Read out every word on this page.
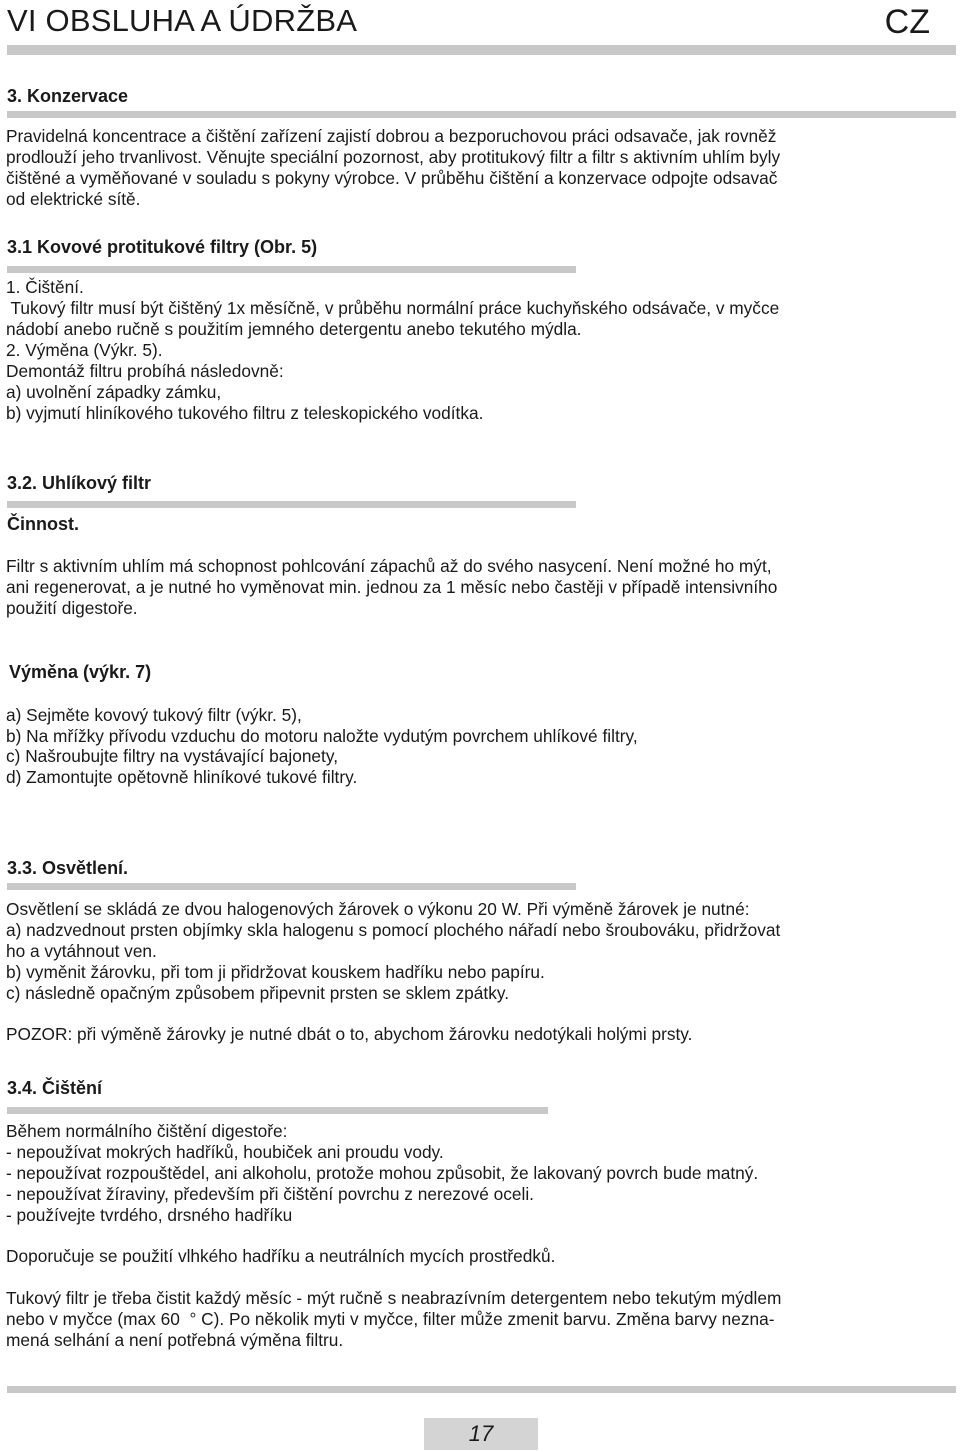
VI OBSLUHA A ÚDRŽBA	CZ
3. Konzervace
Pravidelná koncentrace a čištění zařízení zajistí dobrou a bezporuchovou práci odsavače, jak rovněž
prodlouží jeho trvanlivost. Věnujte speciální pozornost, aby protitukový filtr a filtr s aktivním uhlím byly
čištěné a vyměňované v souladu s pokyny výrobce. V průběhu čištění a konzervace odpojte odsavač
od elektrické sítě.
3.1 Kovové protitukové filtry (Obr. 5)
1. Čištění.
Tukový filtr musí být čištěný 1x měsíčně, v průběhu normální práce kuchyňského odsávače, v myčce
nádobí anebo ručně s použitím jemného detergentu anebo tekutého mýdla.
2. Výměna (Výkr. 5).
Demontáž filtru probíhá následovně:
a) uvolnění západky zámku,
b) vyjmutí hliníkového tukového filtru z teleskopického vodítka.
3.2. Uhlíkový filtr
Činnost.
Filtr s aktivním uhlím má schopnost pohlcování zápachů až do svého nasycení. Není možné ho mýt,
ani regenerovat, a je nutné ho vyměnovat min. jednou za 1 měsíc nebo častěji v případě intensivního
použití digestoře.
Výměna (výkr. 7)
a) Sejměte kovový tukový filtr (výkr. 5),
b) Na mřížky přívodu vzduchu do motoru naložte vydutým povrchem uhlíkové filtry,
c) Našroubujte filtry na vystávající bajonety,
d) Zamontujte opětovně hliníkové tukové filtry.
3.3. Osvětlení.
Osvětlení se skládá ze dvou halogenových žárovek o výkonu 20 W. Při výměně žárovek je nutné:
a) nadzvednout prsten objímky skla halogenu s pomocí plochého nářadí nebo šroubováku, přidržovat
ho a vytáhnout ven.
b) vyměnit žárovku, při tom ji přidržovat kouskem hadříku nebo papíru.
c) následně opačným způsobem připevnit prsten se sklem zpátky.
POZOR: při výměně žárovky je nutné dbát o to, abychom žárovku nedotýkali holými prsty.
3.4. Čištění
Během normálního čištění digestoře:
- nepoužívat mokrých hadříků, houbiček ani proudu vody.
- nepoužívat rozpouštědel, ani alkoholu, protože mohou způsobit, že lakovaný povrch bude matný.
- nepoužívat žíraviny, především při čištění povrchu z nerezové oceli.
- používejte tvrdého, drsného hadříku
Doporučuje se použití vlhkého hadříku a neutrálních mycích prostředků.
Tukový filtr je třeba čistit každý měsíc - mýt ručně s neabrazívním detergentem nebo tekutým mýdlem
nebo v myčce (max 60  ° C). Po několik myti v myčce, filter může zmenit barvu. Změna barvy nezna-
mená selhání a není potřebná výměna filtru.
17
